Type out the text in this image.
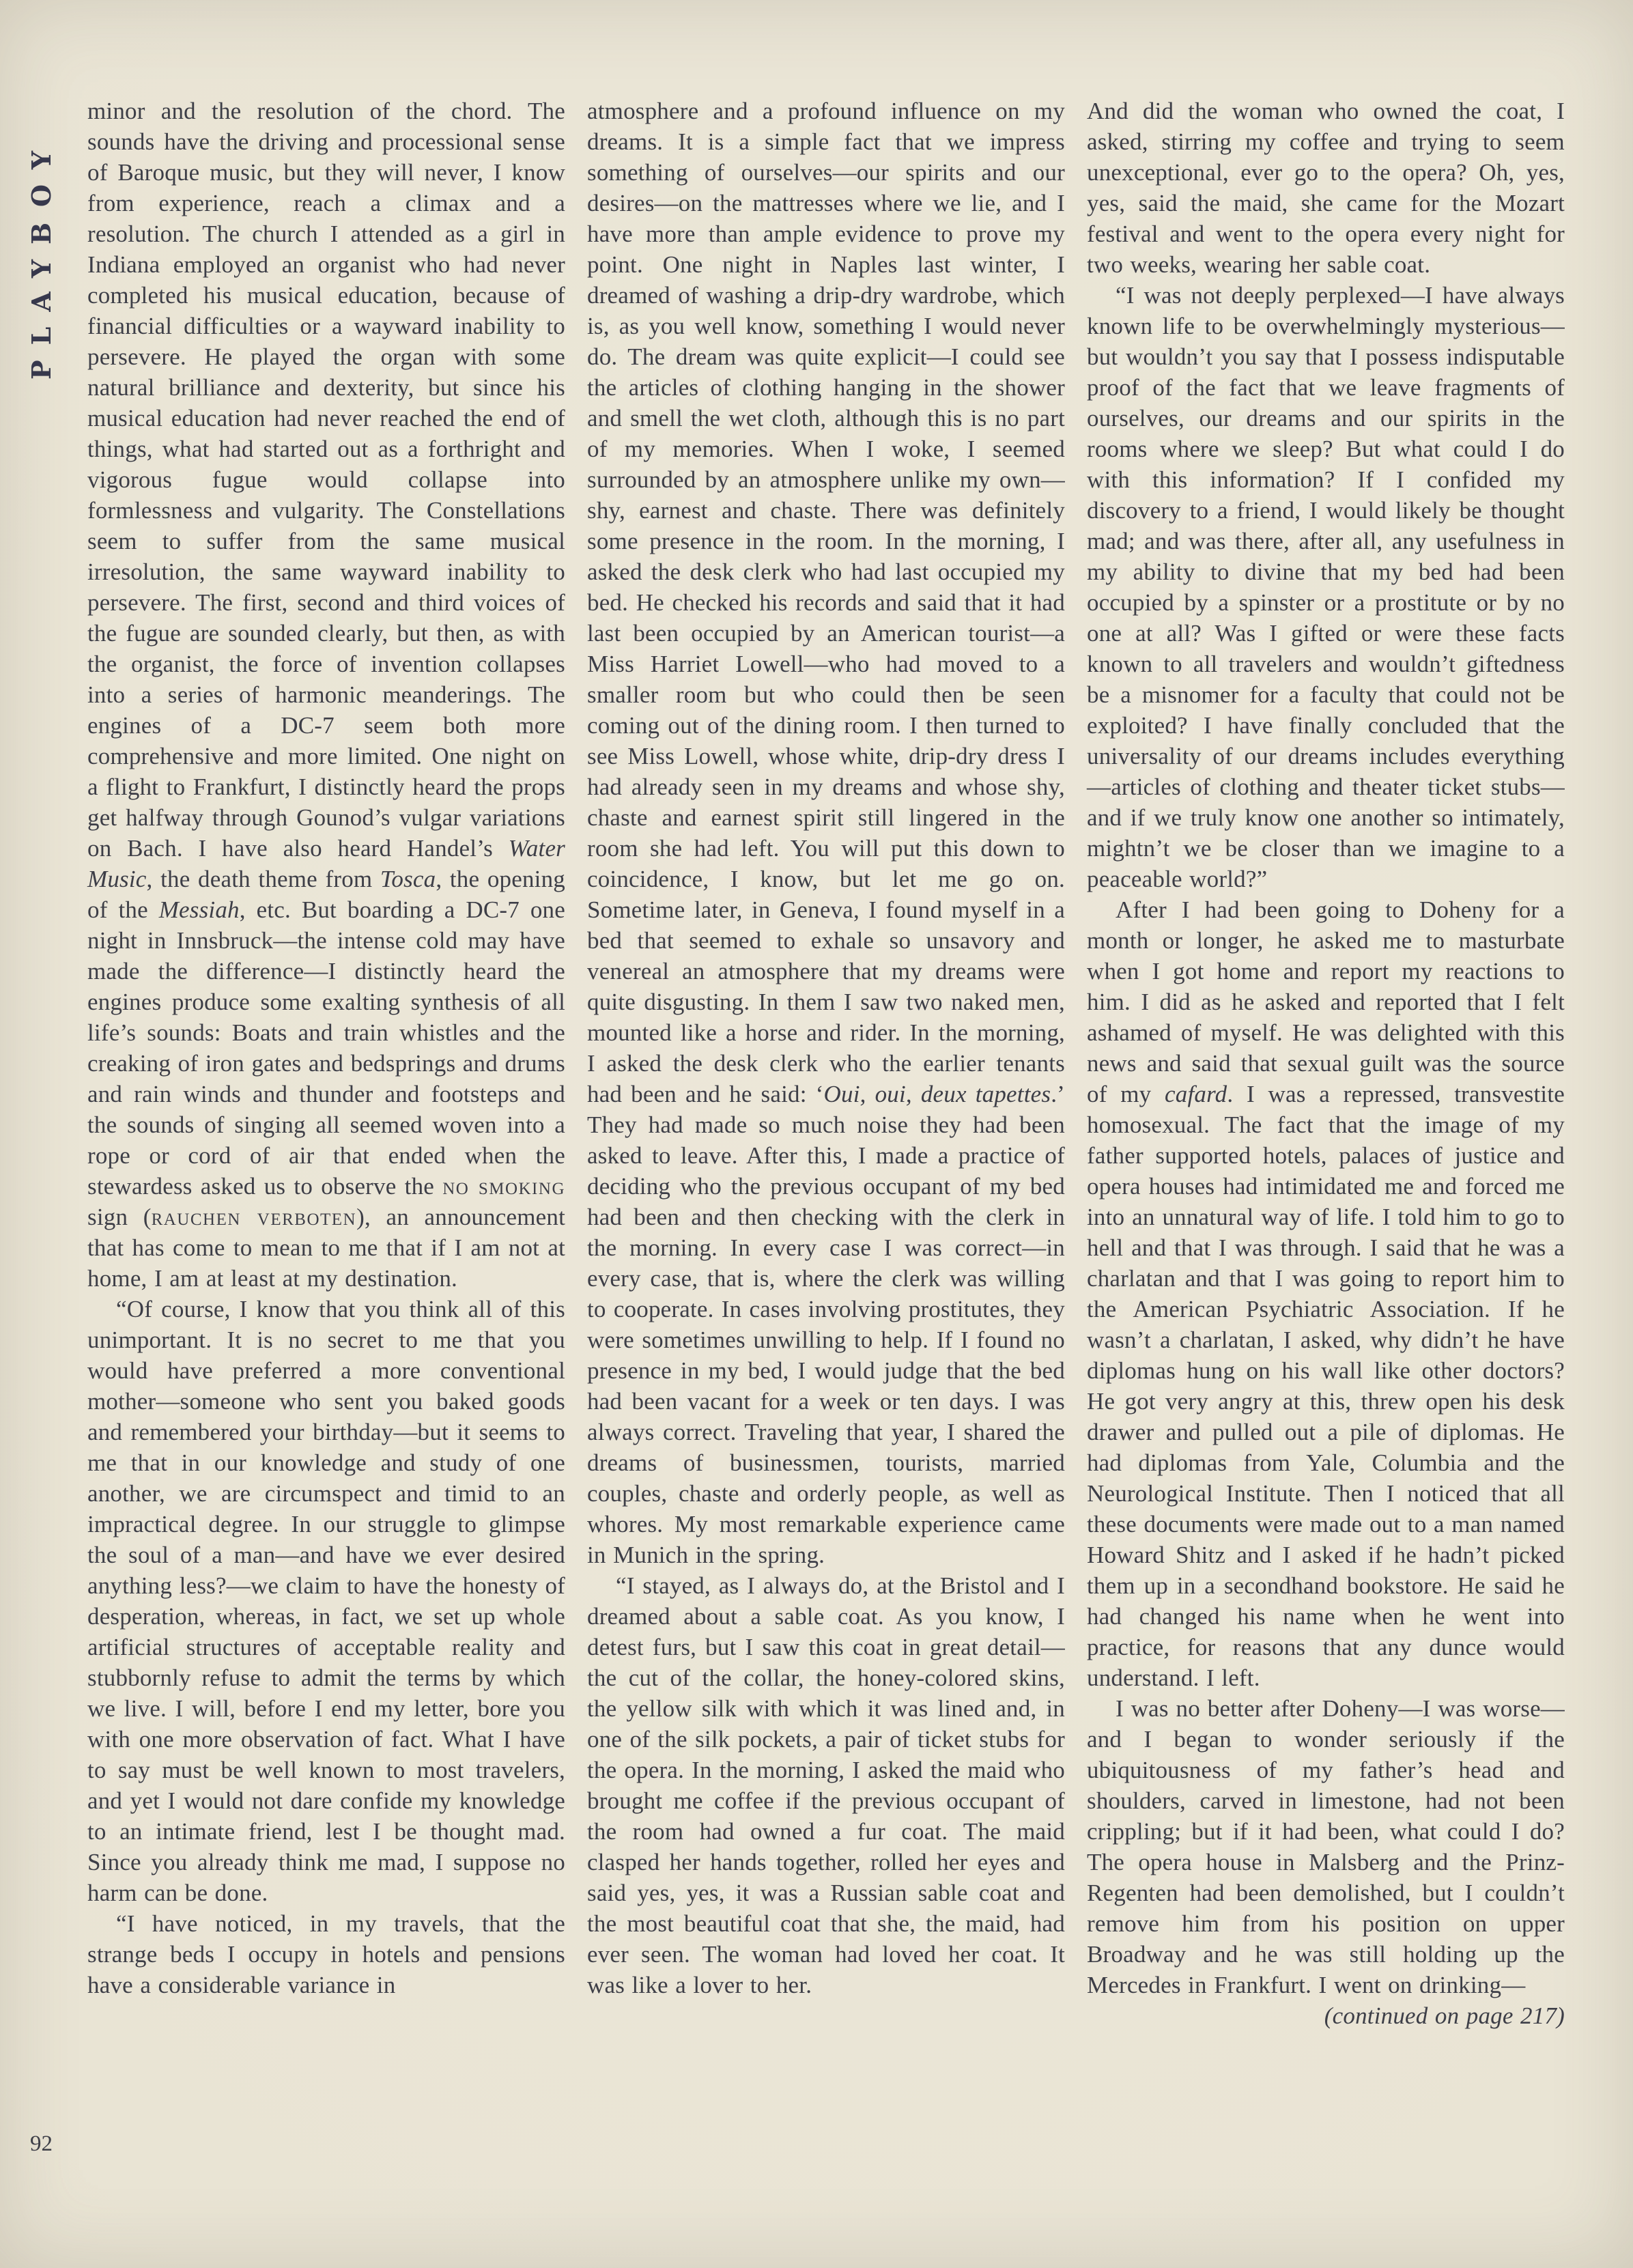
PLAYBOY

minor and the resolution of the chord. The sounds have the driving and processional sense of Baroque music, but they will never, I know from experience, reach a climax and a resolution. The church I attended as a girl in Indiana employed an organist who had never completed his musical education, because of financial difficulties or a wayward inability to persevere. He played the organ with some natural brilliance and dexterity, but since his musical education had never reached the end of things, what had started out as a forthright and vigorous fugue would collapse into formlessness and vulgarity. The Constellations seem to suffer from the same musical irresolution, the same wayward inability to persevere. The first, second and third voices of the fugue are sounded clearly, but then, as with the organist, the force of invention collapses into a series of harmonic meanderings. The engines of a DC-7 seem both more comprehensive and more limited. One night on a flight to Frankfurt, I distinctly heard the props get halfway through Gounod’s vulgar variations on Bach. I have also heard Handel’s Water Music, the death theme from Tosca, the opening of the Messiah, etc. But boarding a DC-7 one night in Innsbruck—the intense cold may have made the difference—I distinctly heard the engines produce some exalting synthesis of all life’s sounds: Boats and train whistles and the creaking of iron gates and bedsprings and drums and rain winds and thunder and footsteps and the sounds of singing all seemed woven into a rope or cord of air that ended when the stewardess asked us to observe the no smoking sign (rauchen verboten), an announcement that has come to mean to me that if I am not at home, I am at least at my destination.

“Of course, I know that you think all of this unimportant. It is no secret to me that you would have preferred a more conventional mother—someone who sent you baked goods and remembered your birthday—but it seems to me that in our knowledge and study of one another, we are circumspect and timid to an impractical degree. In our struggle to glimpse the soul of a man—and have we ever desired anything less?—we claim to have the honesty of desperation, whereas, in fact, we set up whole artificial structures of acceptable reality and stubbornly refuse to admit the terms by which we live. I will, before I end my letter, bore you with one more observation of fact. What I have to say must be well known to most travelers, and yet I would not dare confide my knowledge to an intimate friend, lest I be thought mad. Since you already think me mad, I suppose no harm can be done.

“I have noticed, in my travels, that the strange beds I occupy in hotels and pensions have a considerable variance in

atmosphere and a profound influence on my dreams. It is a simple fact that we impress something of ourselves—our spirits and our desires—on the mattresses where we lie, and I have more than ample evidence to prove my point. One night in Naples last winter, I dreamed of washing a drip-dry wardrobe, which is, as you well know, something I would never do. The dream was quite explicit—I could see the articles of clothing hanging in the shower and smell the wet cloth, although this is no part of my memories. When I woke, I seemed surrounded by an atmosphere unlike my own—shy, earnest and chaste. There was definitely some presence in the room. In the morning, I asked the desk clerk who had last occupied my bed. He checked his records and said that it had last been occupied by an American tourist—a Miss Harriet Lowell—who had moved to a smaller room but who could then be seen coming out of the dining room. I then turned to see Miss Lowell, whose white, drip-dry dress I had already seen in my dreams and whose shy, chaste and earnest spirit still lingered in the room she had left. You will put this down to coincidence, I know, but let me go on. Sometime later, in Geneva, I found myself in a bed that seemed to exhale so unsavory and venereal an atmosphere that my dreams were quite disgusting. In them I saw two naked men, mounted like a horse and rider. In the morning, I asked the desk clerk who the earlier tenants had been and he said: ‘Oui, oui, deux tapettes.’ They had made so much noise they had been asked to leave. After this, I made a practice of deciding who the previous occupant of my bed had been and then checking with the clerk in the morning. In every case I was correct—in every case, that is, where the clerk was willing to cooperate. In cases involving prostitutes, they were sometimes unwilling to help. If I found no presence in my bed, I would judge that the bed had been vacant for a week or ten days. I was always correct. Traveling that year, I shared the dreams of businessmen, tourists, married couples, chaste and orderly people, as well as whores. My most remarkable experience came in Munich in the spring.

“I stayed, as I always do, at the Bristol and I dreamed about a sable coat. As you know, I detest furs, but I saw this coat in great detail—the cut of the collar, the honey-colored skins, the yellow silk with which it was lined and, in one of the silk pockets, a pair of ticket stubs for the opera. In the morning, I asked the maid who brought me coffee if the previous occupant of the room had owned a fur coat. The maid clasped her hands together, rolled her eyes and said yes, yes, it was a Russian sable coat and the most beautiful coat that she, the maid, had ever seen. The woman had loved her coat. It was like a lover to her.

And did the woman who owned the coat, I asked, stirring my coffee and trying to seem unexceptional, ever go to the opera? Oh, yes, yes, said the maid, she came for the Mozart festival and went to the opera every night for two weeks, wearing her sable coat.

“I was not deeply perplexed—I have always known life to be overwhelmingly mysterious—but wouldn’t you say that I possess indisputable proof of the fact that we leave fragments of ourselves, our dreams and our spirits in the rooms where we sleep? But what could I do with this information? If I confided my discovery to a friend, I would likely be thought mad; and was there, after all, any usefulness in my ability to divine that my bed had been occupied by a spinster or a prostitute or by no one at all? Was I gifted or were these facts known to all travelers and wouldn’t giftedness be a misnomer for a faculty that could not be exploited? I have finally concluded that the universality of our dreams includes everything—articles of clothing and theater ticket stubs—and if we truly know one another so intimately, mightn’t we be closer than we imagine to a peaceable world?”

After I had been going to Doheny for a month or longer, he asked me to masturbate when I got home and report my reactions to him. I did as he asked and reported that I felt ashamed of myself. He was delighted with this news and said that sexual guilt was the source of my cafard. I was a repressed, transvestite homosexual. The fact that the image of my father supported hotels, palaces of justice and opera houses had intimidated me and forced me into an unnatural way of life. I told him to go to hell and that I was through. I said that he was a charlatan and that I was going to report him to the American Psychiatric Association. If he wasn’t a charlatan, I asked, why didn’t he have diplomas hung on his wall like other doctors? He got very angry at this, threw open his desk drawer and pulled out a pile of diplomas. He had diplomas from Yale, Columbia and the Neurological Institute. Then I noticed that all these documents were made out to a man named Howard Shitz and I asked if he hadn’t picked them up in a secondhand bookstore. He said he had changed his name when he went into practice, for reasons that any dunce would understand. I left.

I was no better after Doheny—I was worse—and I began to wonder seriously if the ubiquitousness of my father’s head and shoulders, carved in limestone, had not been crippling; but if it had been, what could I do? The opera house in Malsberg and the Prinz-Regenten had been demolished, but I couldn’t remove him from his position on upper Broadway and he was still holding up the Mercedes in Frankfurt. I went on drinking—

(continued on page 217)

92
